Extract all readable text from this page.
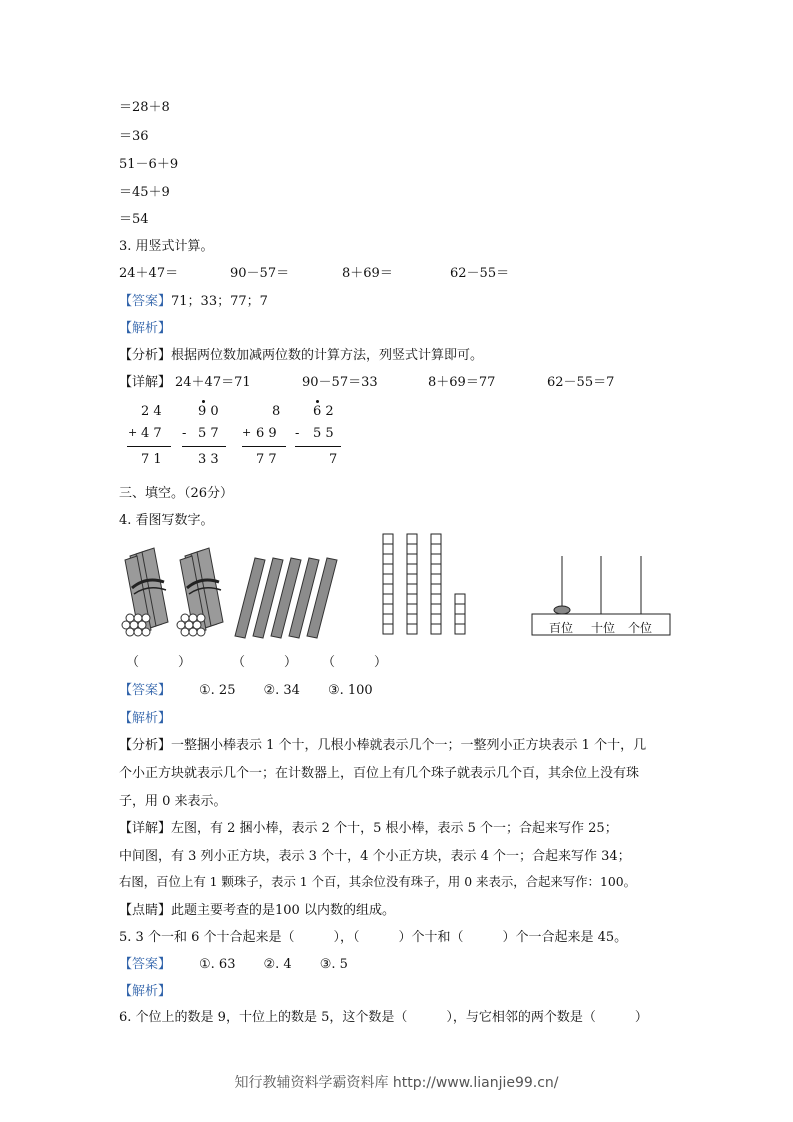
＝28＋8
＝36
51－6＋9
＝45＋9
＝54
3. 用竖式计算。
24＋47＝	90－57＝	8＋69＝	62－55＝
【答案】71；33；77；7
【解析】
【分析】根据两位数加减两位数的计算方法，列竖式计算即可。
【详解】 24＋47＝71	90－57＝33	8＋69＝77	62－55＝7
2 4
+ 4 7
7 1
9 0
- 5 7
3 3
8
+ 6 9
7 7
6 2
- 5 5
7
三、填空。（26分）
4. 看图写数字。
百位 十位 个位
（　　　）	（　　　） （　　　）
【答案】 ①. 25 ②. 34 ③. 100
【解析】
【分析】一整捆小棒表示 1 个十，几根小棒就表示几个一；一整列小正方块表示 1 个十，几
个小正方块就表示几个一；在计数器上，百位上有几个珠子就表示几个百，其余位上没有珠
子，用 0 来表示。
【详解】左图，有 2 捆小棒，表示 2 个十，5 根小棒，表示 5 个一；合起来写作 25；
中间图，有 3 列小正方块，表示 3 个十，4 个小正方块，表示 4 个一；合起来写作 34；
右图，百位上有 1 颗珠子，表示 1 个百，其余位没有珠子，用 0 来表示，合起来写作：100。
【点睛】此题主要考查的是100 以内数的组成。
5. 3 个一和 6 个十合起来是（　　　），（　　　）个十和（　　　）个一合起来是 45。
【答案】 ①. 63 ②. 4 ③. 5
【解析】
6. 个位上的数是 9，十位上的数是 5，这个数是（　　　），与它相邻的两个数是（　　　）
知行教辅资料学霸资料库 http://www.lianjie99.cn/
